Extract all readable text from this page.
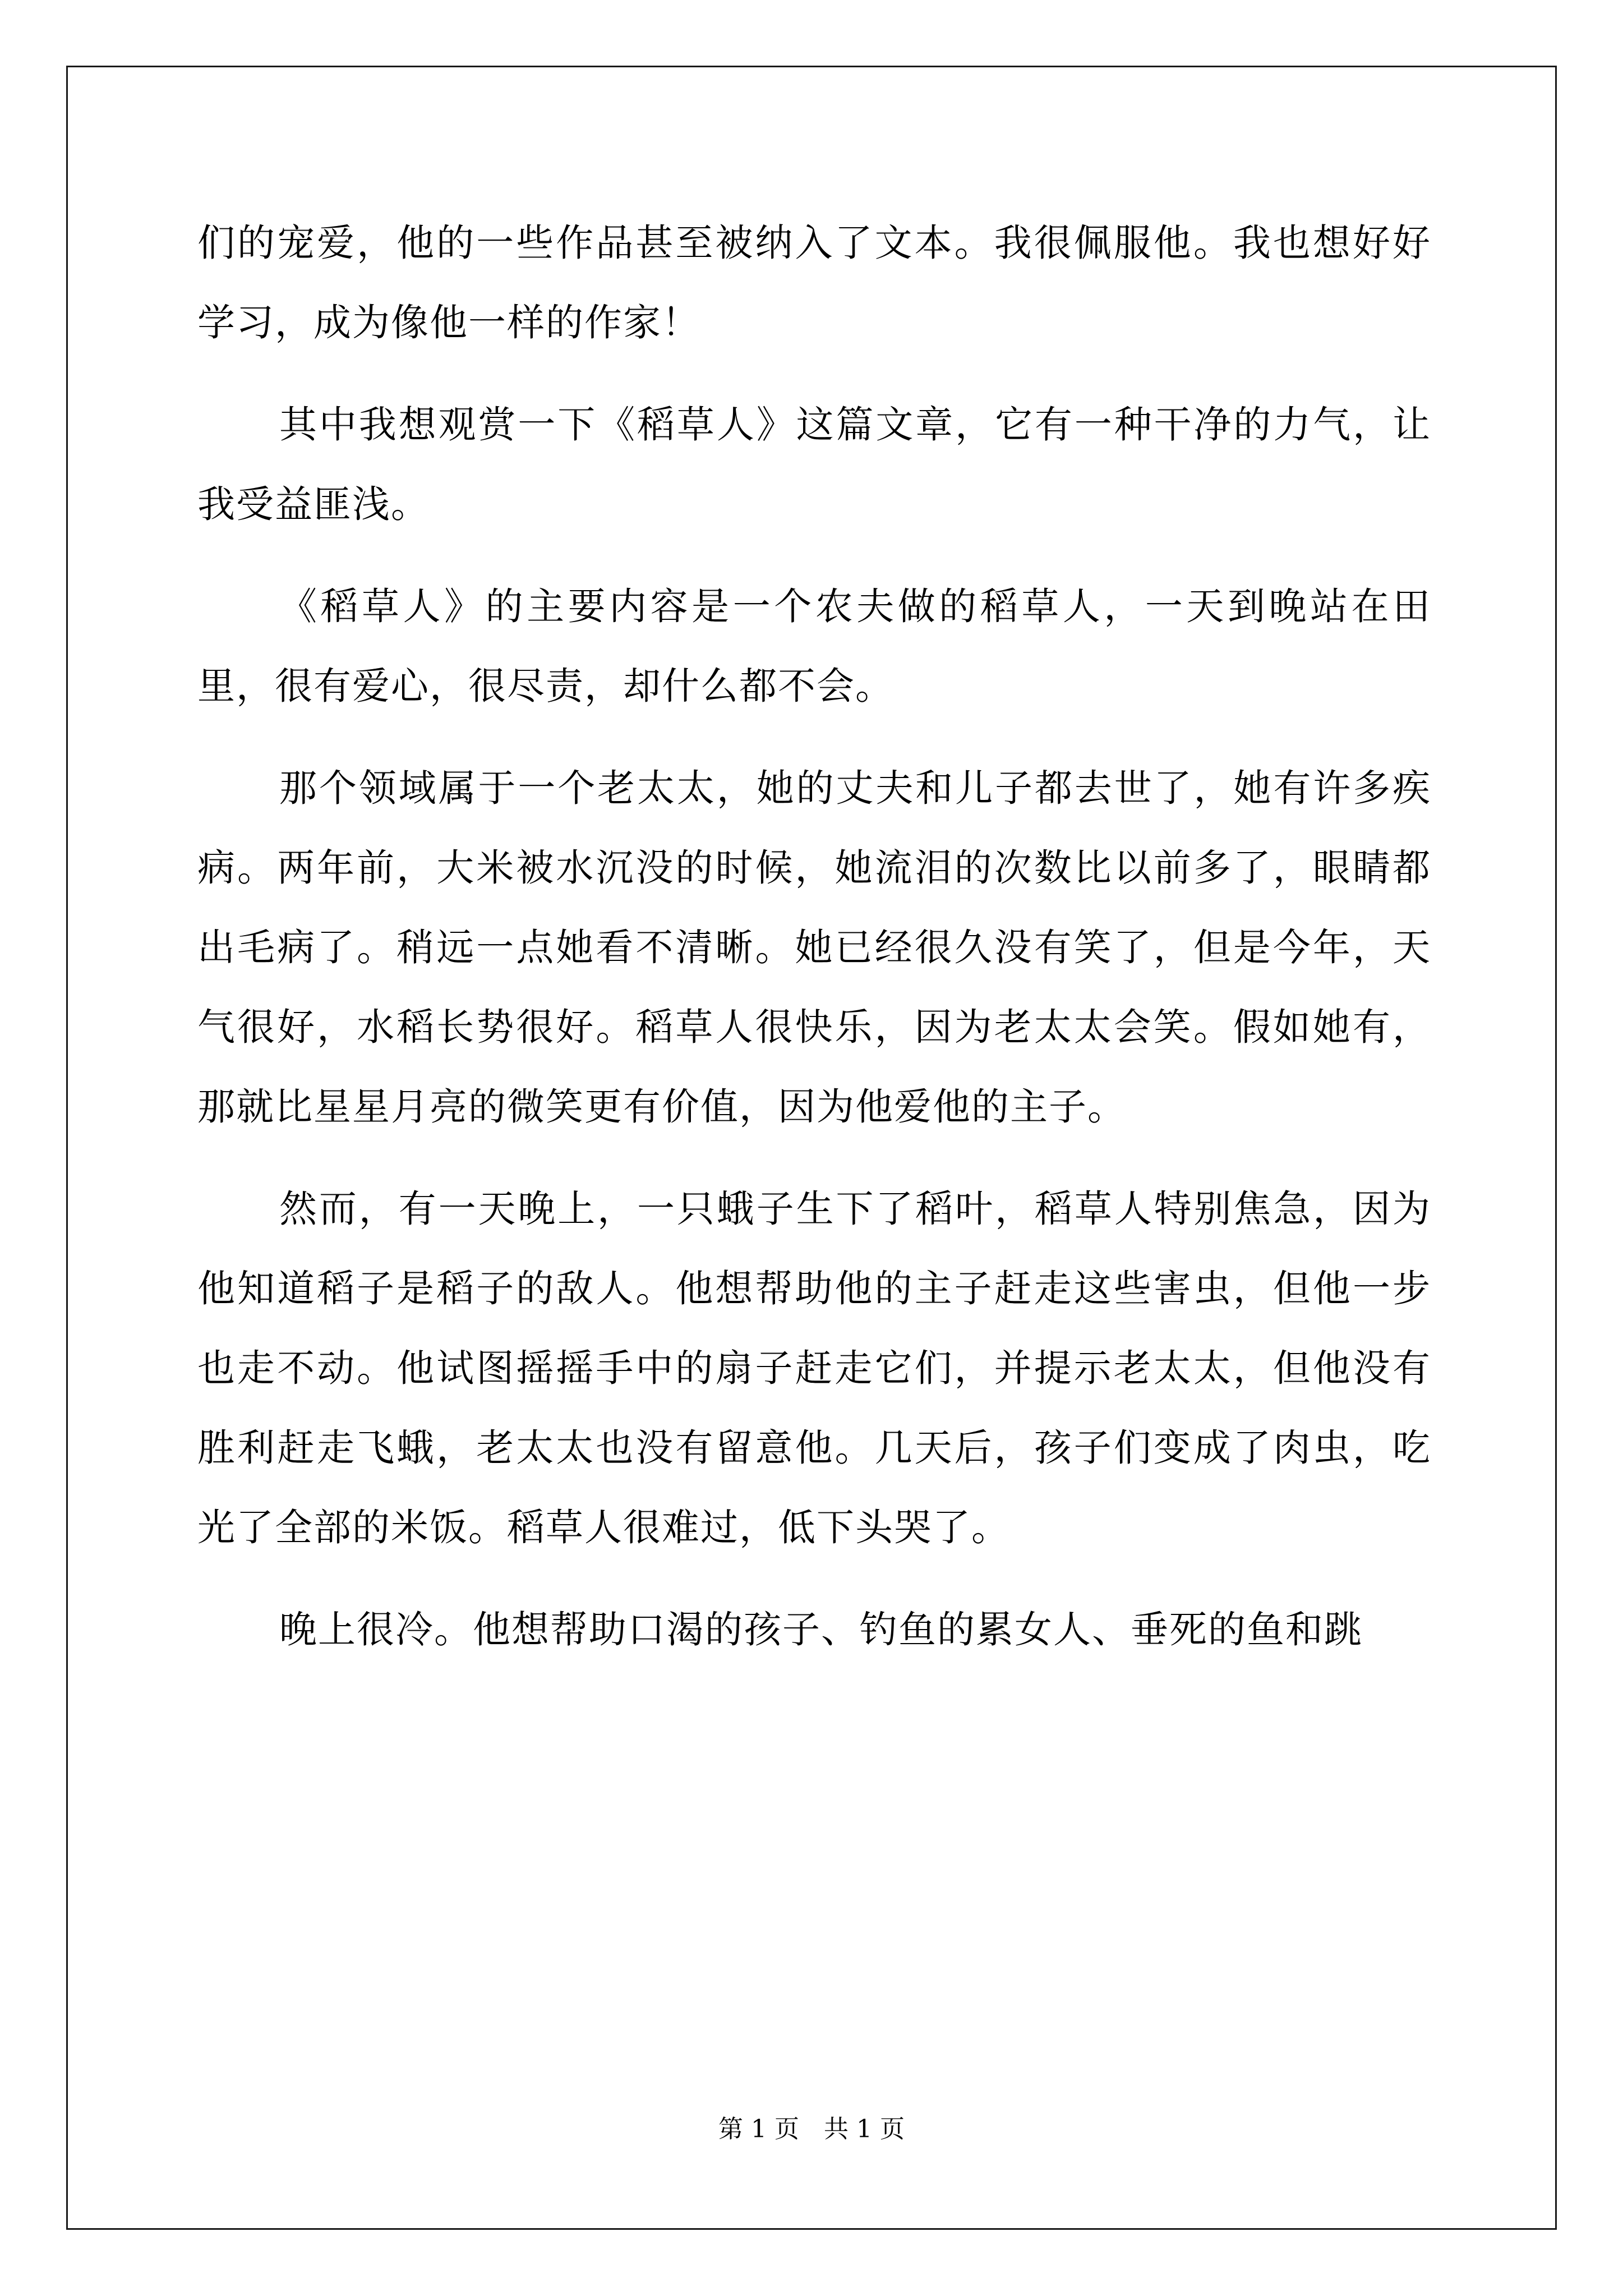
们的宠爱，他的一些作品甚至被纳入了文本。我很佩服他。我也想好好学习，成为像他一样的作家！

其中我想观赏一下《稻草人》这篇文章，它有一种干净的力气，让我受益匪浅。

《稻草人》的主要内容是一个农夫做的稻草人，一天到晚站在田里，很有爱心，很尽责，却什么都不会。

那个领域属于一个老太太，她的丈夫和儿子都去世了，她有许多疾病。两年前，大米被水沉没的时候，她流泪的次数比以前多了，眼睛都出毛病了。稍远一点她看不清晰。她已经很久没有笑了，但是今年，天气很好，水稻长势很好。稻草人很快乐，因为老太太会笑。假如她有，那就比星星月亮的微笑更有价值，因为他爱他的主子。

然而，有一天晚上，一只蛾子生下了稻叶，稻草人特别焦急，因为他知道稻子是稻子的敌人。他想帮助他的主子赶走这些害虫，但他一步也走不动。他试图摇摇手中的扇子赶走它们，并提示老太太，但他没有胜利赶走飞蛾，老太太也没有留意他。几天后，孩子们变成了肉虫，吃光了全部的米饭。稻草人很难过，低下头哭了。

晚上很冷。他想帮助口渴的孩子、钓鱼的累女人、垂死的鱼和跳

第 1 页　共 1 页
